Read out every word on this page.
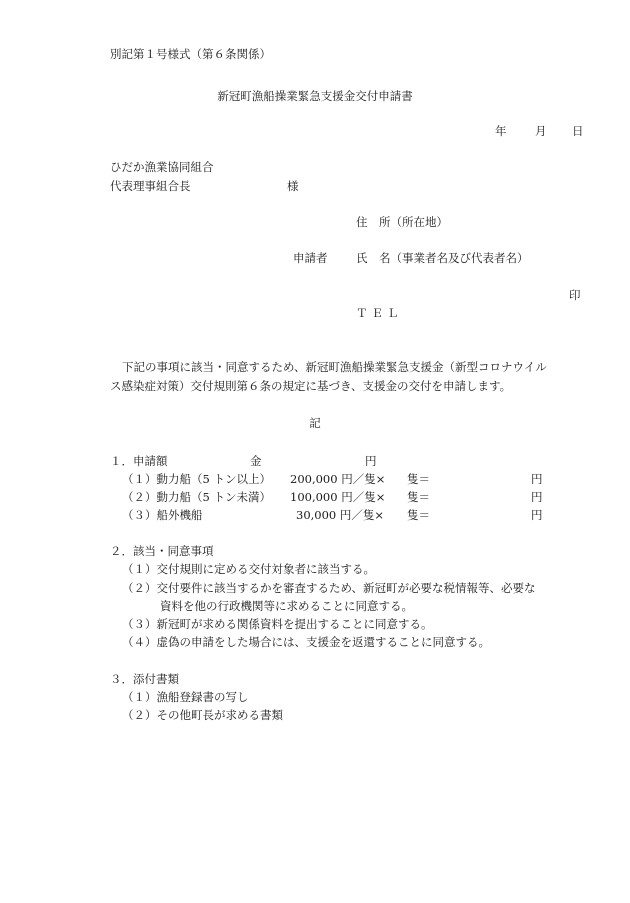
別記第１号様式（第６条関係）
新冠町漁船操業緊急支援金交付申請書
年 月 日
ひだか漁業協同組合
代表理事組合長	様
住　所（所在地）
申請者 氏　名（事業者名及び代表者名）
印
ＴＥＬ
下記の事項に該当・同意するため、新冠町漁船操業緊急支援金（新型コロナウイル
ス感染症対策）交付規則第６条の規定に基づき、支援金の交付を申請します。
記
１．申請額	金	円
（１）動力船（5 トン以上） 200,000 円／隻× 隻＝	円
（２）動力船（5 トン未満） 100,000 円／隻× 隻＝	円
（３）船外機船	30,000 円／隻× 隻＝	円
２．該当・同意事項
（１）交付規則に定める交付対象者に該当する。
（２）交付要件に該当するかを審査するため、新冠町が必要な税情報等、必要な
資料を他の行政機関等に求めることに同意する。
（３）新冠町が求める関係資料を提出することに同意する。
（４）虚偽の申請をした場合には、支援金を返還することに同意する。
３．添付書類
（１）漁船登録書の写し
（２）その他町長が求める書類
